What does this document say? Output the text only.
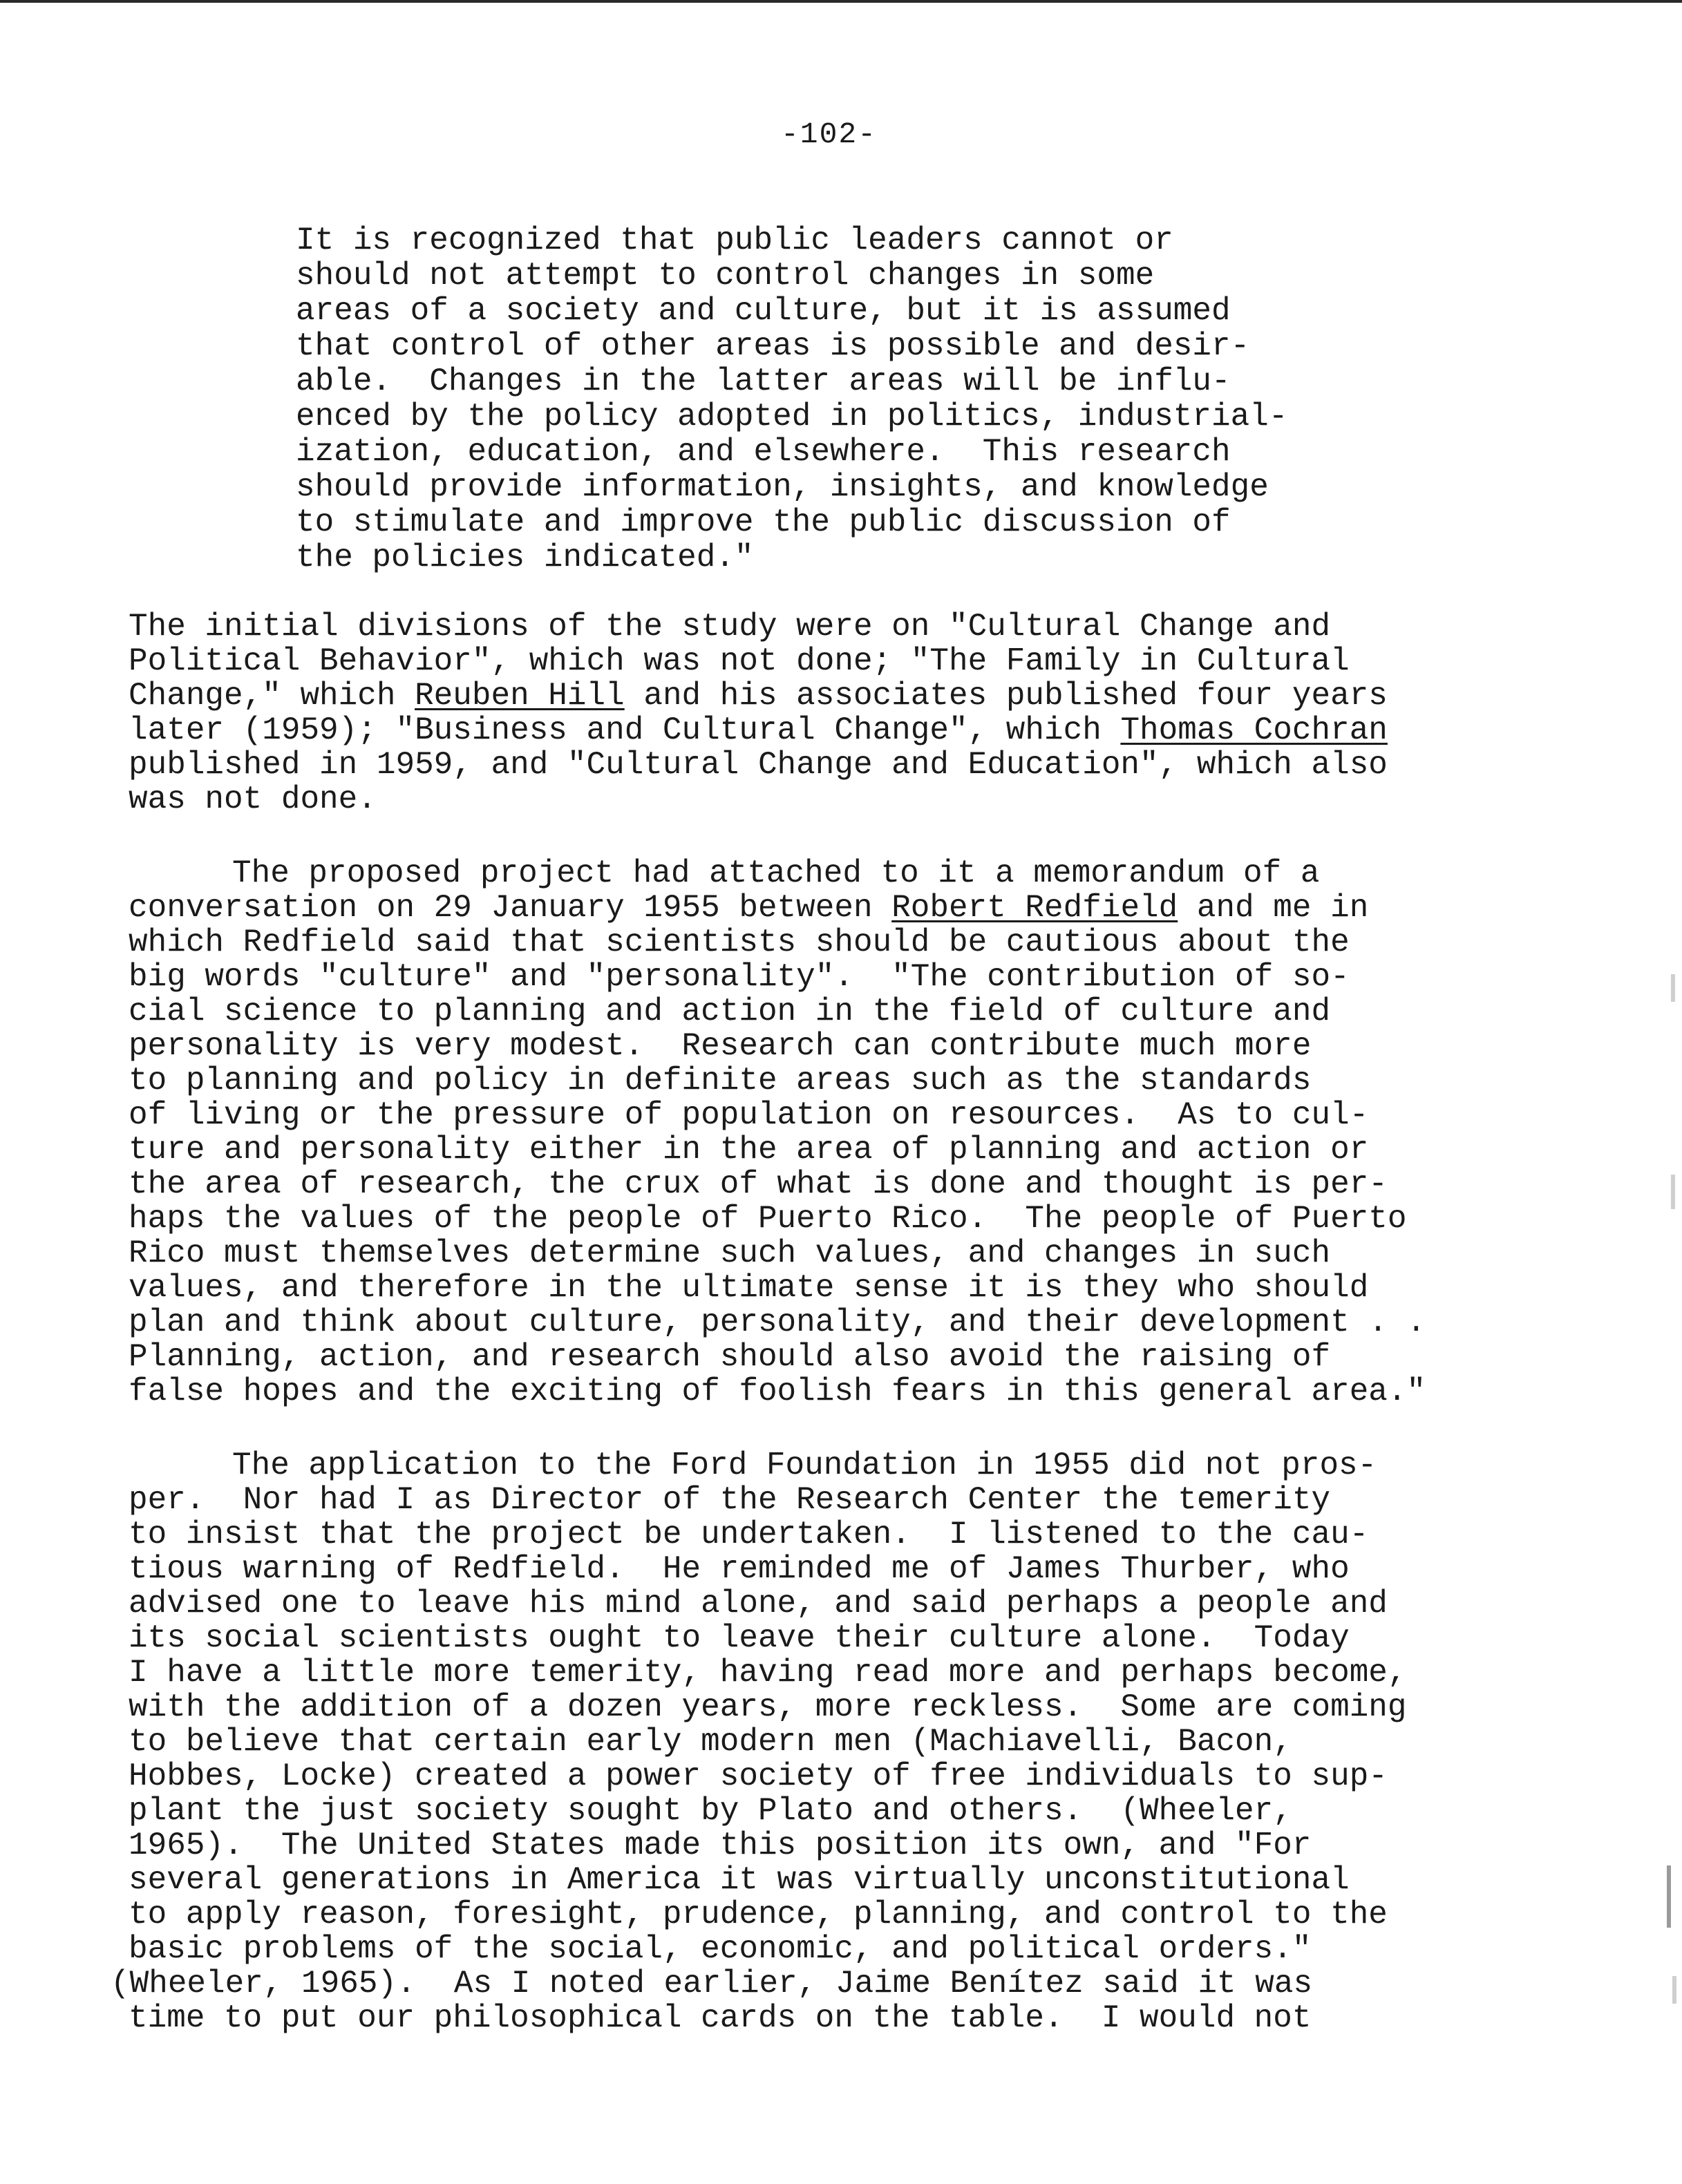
-102-
It is recognized that public leaders cannot or
should not attempt to control changes in some
areas of a society and culture, but it is assumed
that control of other areas is possible and desir-
able.  Changes in the latter areas will be influ-
enced by the policy adopted in politics, industrial-
ization, education, and elsewhere.  This research
should provide information, insights, and knowledge
to stimulate and improve the public discussion of
the policies indicated."
The initial divisions of the study were on "Cultural Change and
Political Behavior", which was not done; "The Family in Cultural
Change," which Reuben Hill and his associates published four years
later (1959); "Business and Cultural Change", which Thomas Cochran
published in 1959, and "Cultural Change and Education", which also
was not done.
The proposed project had attached to it a memorandum of a
conversation on 29 January 1955 between Robert Redfield and me in
which Redfield said that scientists should be cautious about the
big words "culture" and "personality".  "The contribution of so-
cial science to planning and action in the field of culture and
personality is very modest.  Research can contribute much more
to planning and policy in definite areas such as the standards
of living or the pressure of population on resources.  As to cul-
ture and personality either in the area of planning and action or
the area of research, the crux of what is done and thought is per-
haps the values of the people of Puerto Rico.  The people of Puerto
Rico must themselves determine such values, and changes in such
values, and therefore in the ultimate sense it is they who should
plan and think about culture, personality, and their development . .
Planning, action, and research should also avoid the raising of
false hopes and the exciting of foolish fears in this general area."
The application to the Ford Foundation in 1955 did not pros-
per.  Nor had I as Director of the Research Center the temerity
to insist that the project be undertaken.  I listened to the cau-
tious warning of Redfield.  He reminded me of James Thurber, who
advised one to leave his mind alone, and said perhaps a people and
its social scientists ought to leave their culture alone.  Today
I have a little more temerity, having read more and perhaps become,
with the addition of a dozen years, more reckless.  Some are coming
to believe that certain early modern men (Machiavelli, Bacon,
Hobbes, Locke) created a power society of free individuals to sup-
plant the just society sought by Plato and others.  (Wheeler,
1965).  The United States made this position its own, and "For
several generations in America it was virtually unconstitutional
to apply reason, foresight, prudence, planning, and control to the
basic problems of the social, economic, and political orders."
(Wheeler, 1965).  As I noted earlier, Jaime Benítez said it was
time to put our philosophical cards on the table.  I would not
